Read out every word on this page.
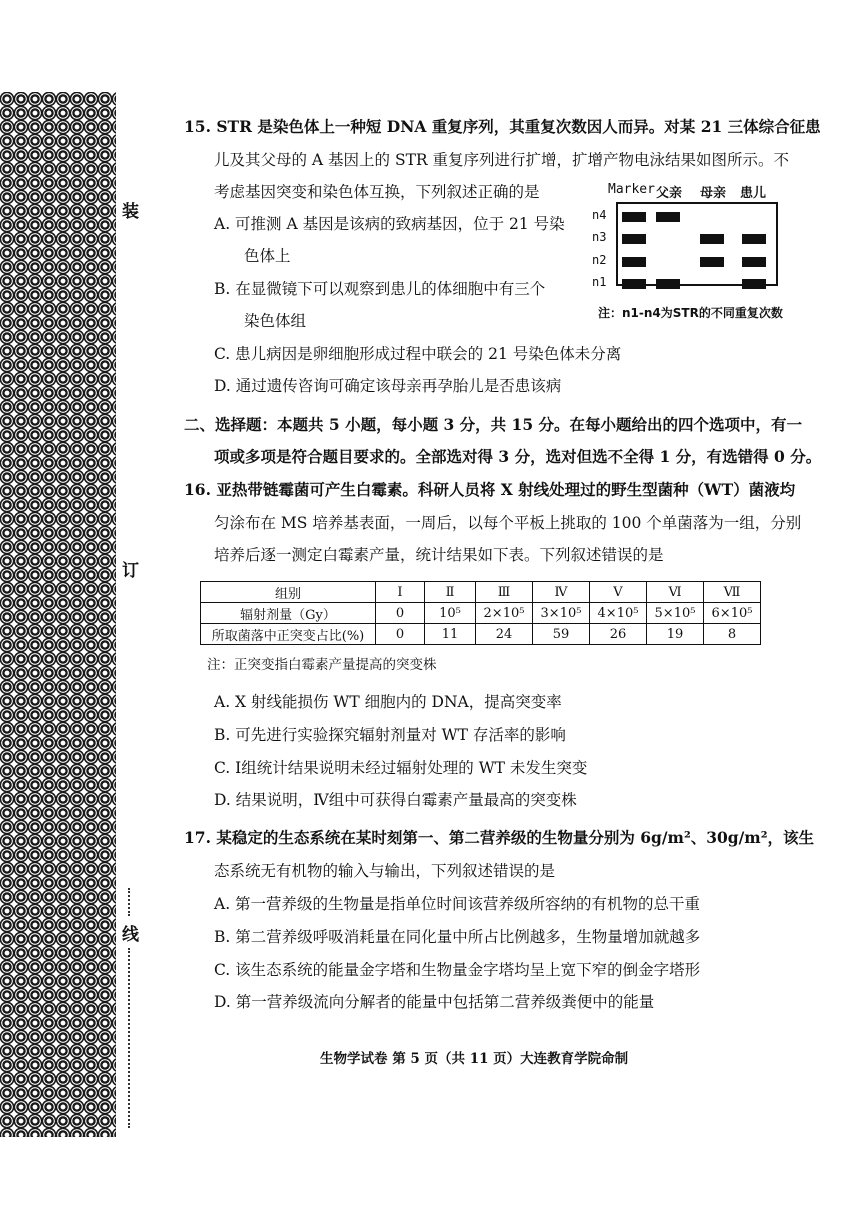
装
订
线
15. STR 是染色体上一种短 DNA 重复序列，其重复次数因人而异。对某 21 三体综合征患
儿及其父母的 A 基因上的 STR 重复序列进行扩增，扩增产物电泳结果如图所示。不
考虑基因突变和染色体互换，下列叙述正确的是
A. 可推测 A 基因是该病的致病基因，位于 21 号染
色体上
B. 在显微镜下可以观察到患儿的体细胞中有三个
染色体组
C. 患儿病因是卵细胞形成过程中联会的 21 号染色体未分离
D. 通过遗传咨询可确定该母亲再孕胎儿是否患该病
Marker 父亲 母亲 患儿
n4
n3
n2
n1
注：n1-n4为STR的不同重复次数
二、选择题：本题共 5 小题，每小题 3 分，共 15 分。在每小题给出的四个选项中，有一
项或多项是符合题目要求的。全部选对得 3 分，选对但选不全得 1 分，有选错得 0 分。
16. 亚热带链霉菌可产生白霉素。科研人员将 X 射线处理过的野生型菌种（WT）菌液均
匀涂布在 MS 培养基表面，一周后，以每个平板上挑取的 100 个单菌落为一组，分别
培养后逐一测定白霉素产量，统计结果如下表。下列叙述错误的是
组别	Ⅰ	Ⅱ	Ⅲ	Ⅳ	Ⅴ	Ⅵ	Ⅶ
辐射剂量（Gy）	0	10⁵	2×10⁵	3×10⁵	4×10⁵	5×10⁵	6×10⁵
所取菌落中正突变占比(%)	0	11	24	59	26	19	8
注：正突变指白霉素产量提高的突变株
A. X 射线能损伤 WT 细胞内的 DNA，提高突变率
B. 可先进行实验探究辐射剂量对 WT 存活率的影响
C. Ⅰ组统计结果说明未经过辐射处理的 WT 未发生突变
D. 结果说明，Ⅳ组中可获得白霉素产量最高的突变株
17. 某稳定的生态系统在某时刻第一、第二营养级的生物量分别为 6g/m²、30g/m²，该生
态系统无有机物的输入与输出，下列叙述错误的是
A. 第一营养级的生物量是指单位时间该营养级所容纳的有机物的总干重
B. 第二营养级呼吸消耗量在同化量中所占比例越多，生物量增加就越多
C. 该生态系统的能量金字塔和生物量金字塔均呈上宽下窄的倒金字塔形
D. 第一营养级流向分解者的能量中包括第二营养级粪便中的能量
生物学试卷 第 5 页（共 11 页）大连教育学院命制
